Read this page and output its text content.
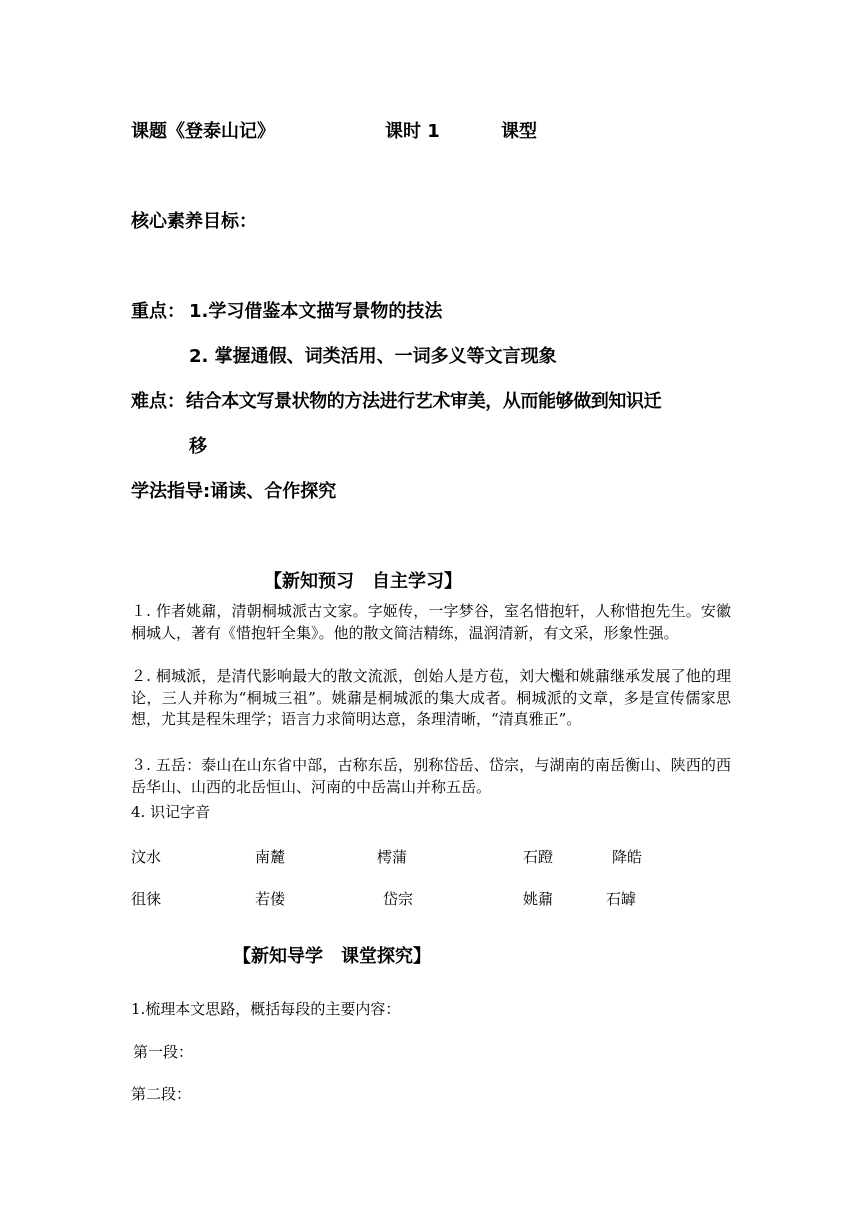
课题《登泰山记》	课时 1	课型
核心素养目标：
重点： 1.学习借鉴本文描写景物的技法
2. 掌握通假、词类活用、一词多义等文言现象
难点： 结合本文写景状物的方法进行艺术审美，从而能够做到知识迁
移
学法指导:诵读、合作探究
【新知预习　自主学习】
１. 作者姚鼐，清朝桐城派古文家。字姬传，一字梦谷，室名惜抱轩，人称惜抱先生。安徽桐城人，著有《惜抱轩全集》。他的散文简洁精练，温润清新，有文采，形象性强。
２. 桐城派，是清代影响最大的散文流派，创始人是方苞，刘大櫆和姚鼐继承发展了他的理论，三人并称为“桐城三祖”。姚鼐是桐城派的集大成者。桐城派的文章，多是宣传儒家思想，尤其是程朱理学；语言力求简明达意，条理清晰，“清真雅正”。
３. 五岳：泰山在山东省中部，古称东岳，别称岱岳、岱宗，与湖南的南岳衡山、陕西的西岳华山、山西的北岳恒山、河南的中岳嵩山并称五岳。
4. 识记字音
汶水	南麓	樗蒲	石蹬	降皓
徂徕	若偻	岱宗	姚鼐	石罅
【新知导学　课堂探究】
1.梳理本文思路，概括每段的主要内容：
第一段：
第二段：
